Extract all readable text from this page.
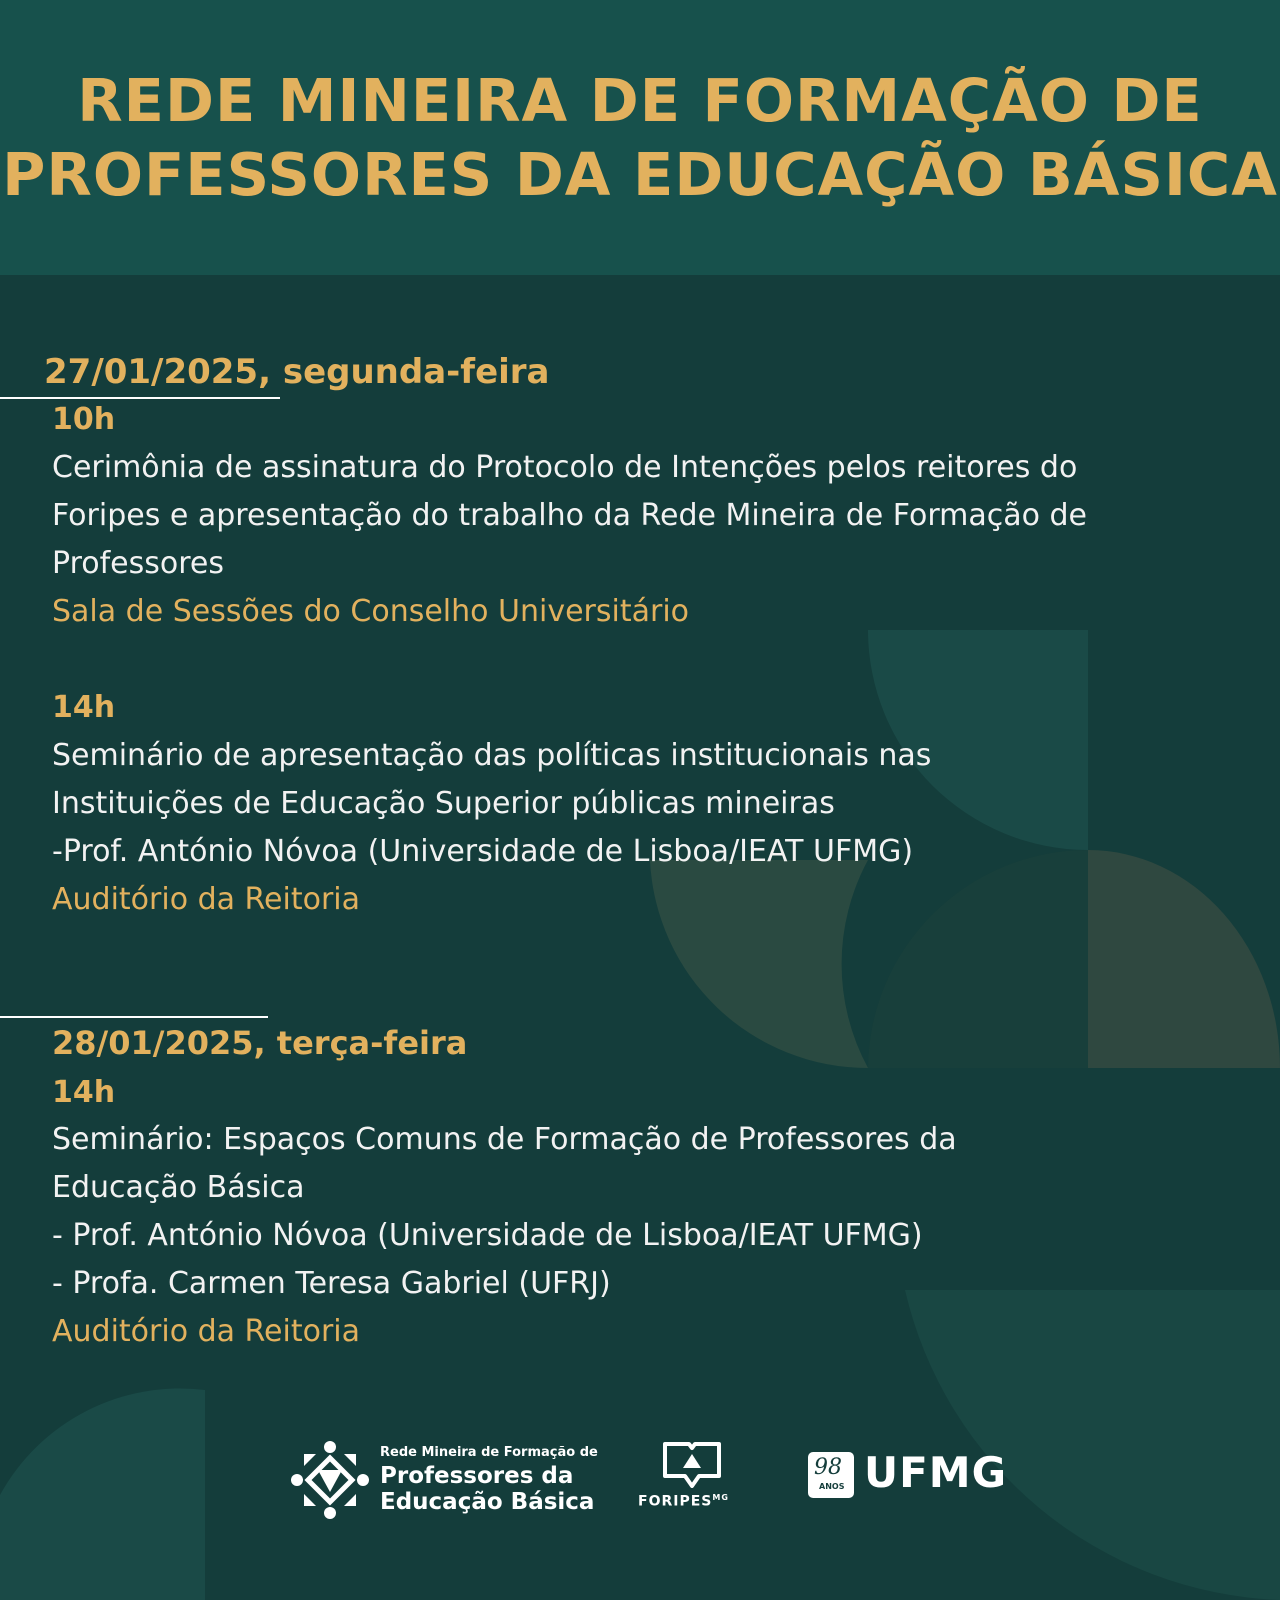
REDE MINEIRA DE FORMAÇÃO DE
PROFESSORES DA EDUCAÇÃO BÁSICA
27/01/2025, segunda-feira
10h
Cerimônia de assinatura do Protocolo de Intenções pelos reitores do
Foripes e apresentação do trabalho da Rede Mineira de Formação de
Professores
Sala de Sessões do Conselho Universitário
14h
Seminário de apresentação das políticas institucionais nas
Instituições de Educação Superior públicas mineiras
-Prof. António Nóvoa (Universidade de Lisboa/IEAT UFMG)
Auditório da Reitoria
28/01/2025, terça-feira
14h
Seminário: Espaços Comuns de Formação de Professores da
Educação Básica
- Prof. António Nóvoa (Universidade de Lisboa/IEAT UFMG)
- Profa. Carmen Teresa Gabriel (UFRJ)
Auditório da Reitoria
Rede Mineira de Formação de
Professores da
Educação Básica	$FORIPES^{MG}$
98
ANOS UFMG
